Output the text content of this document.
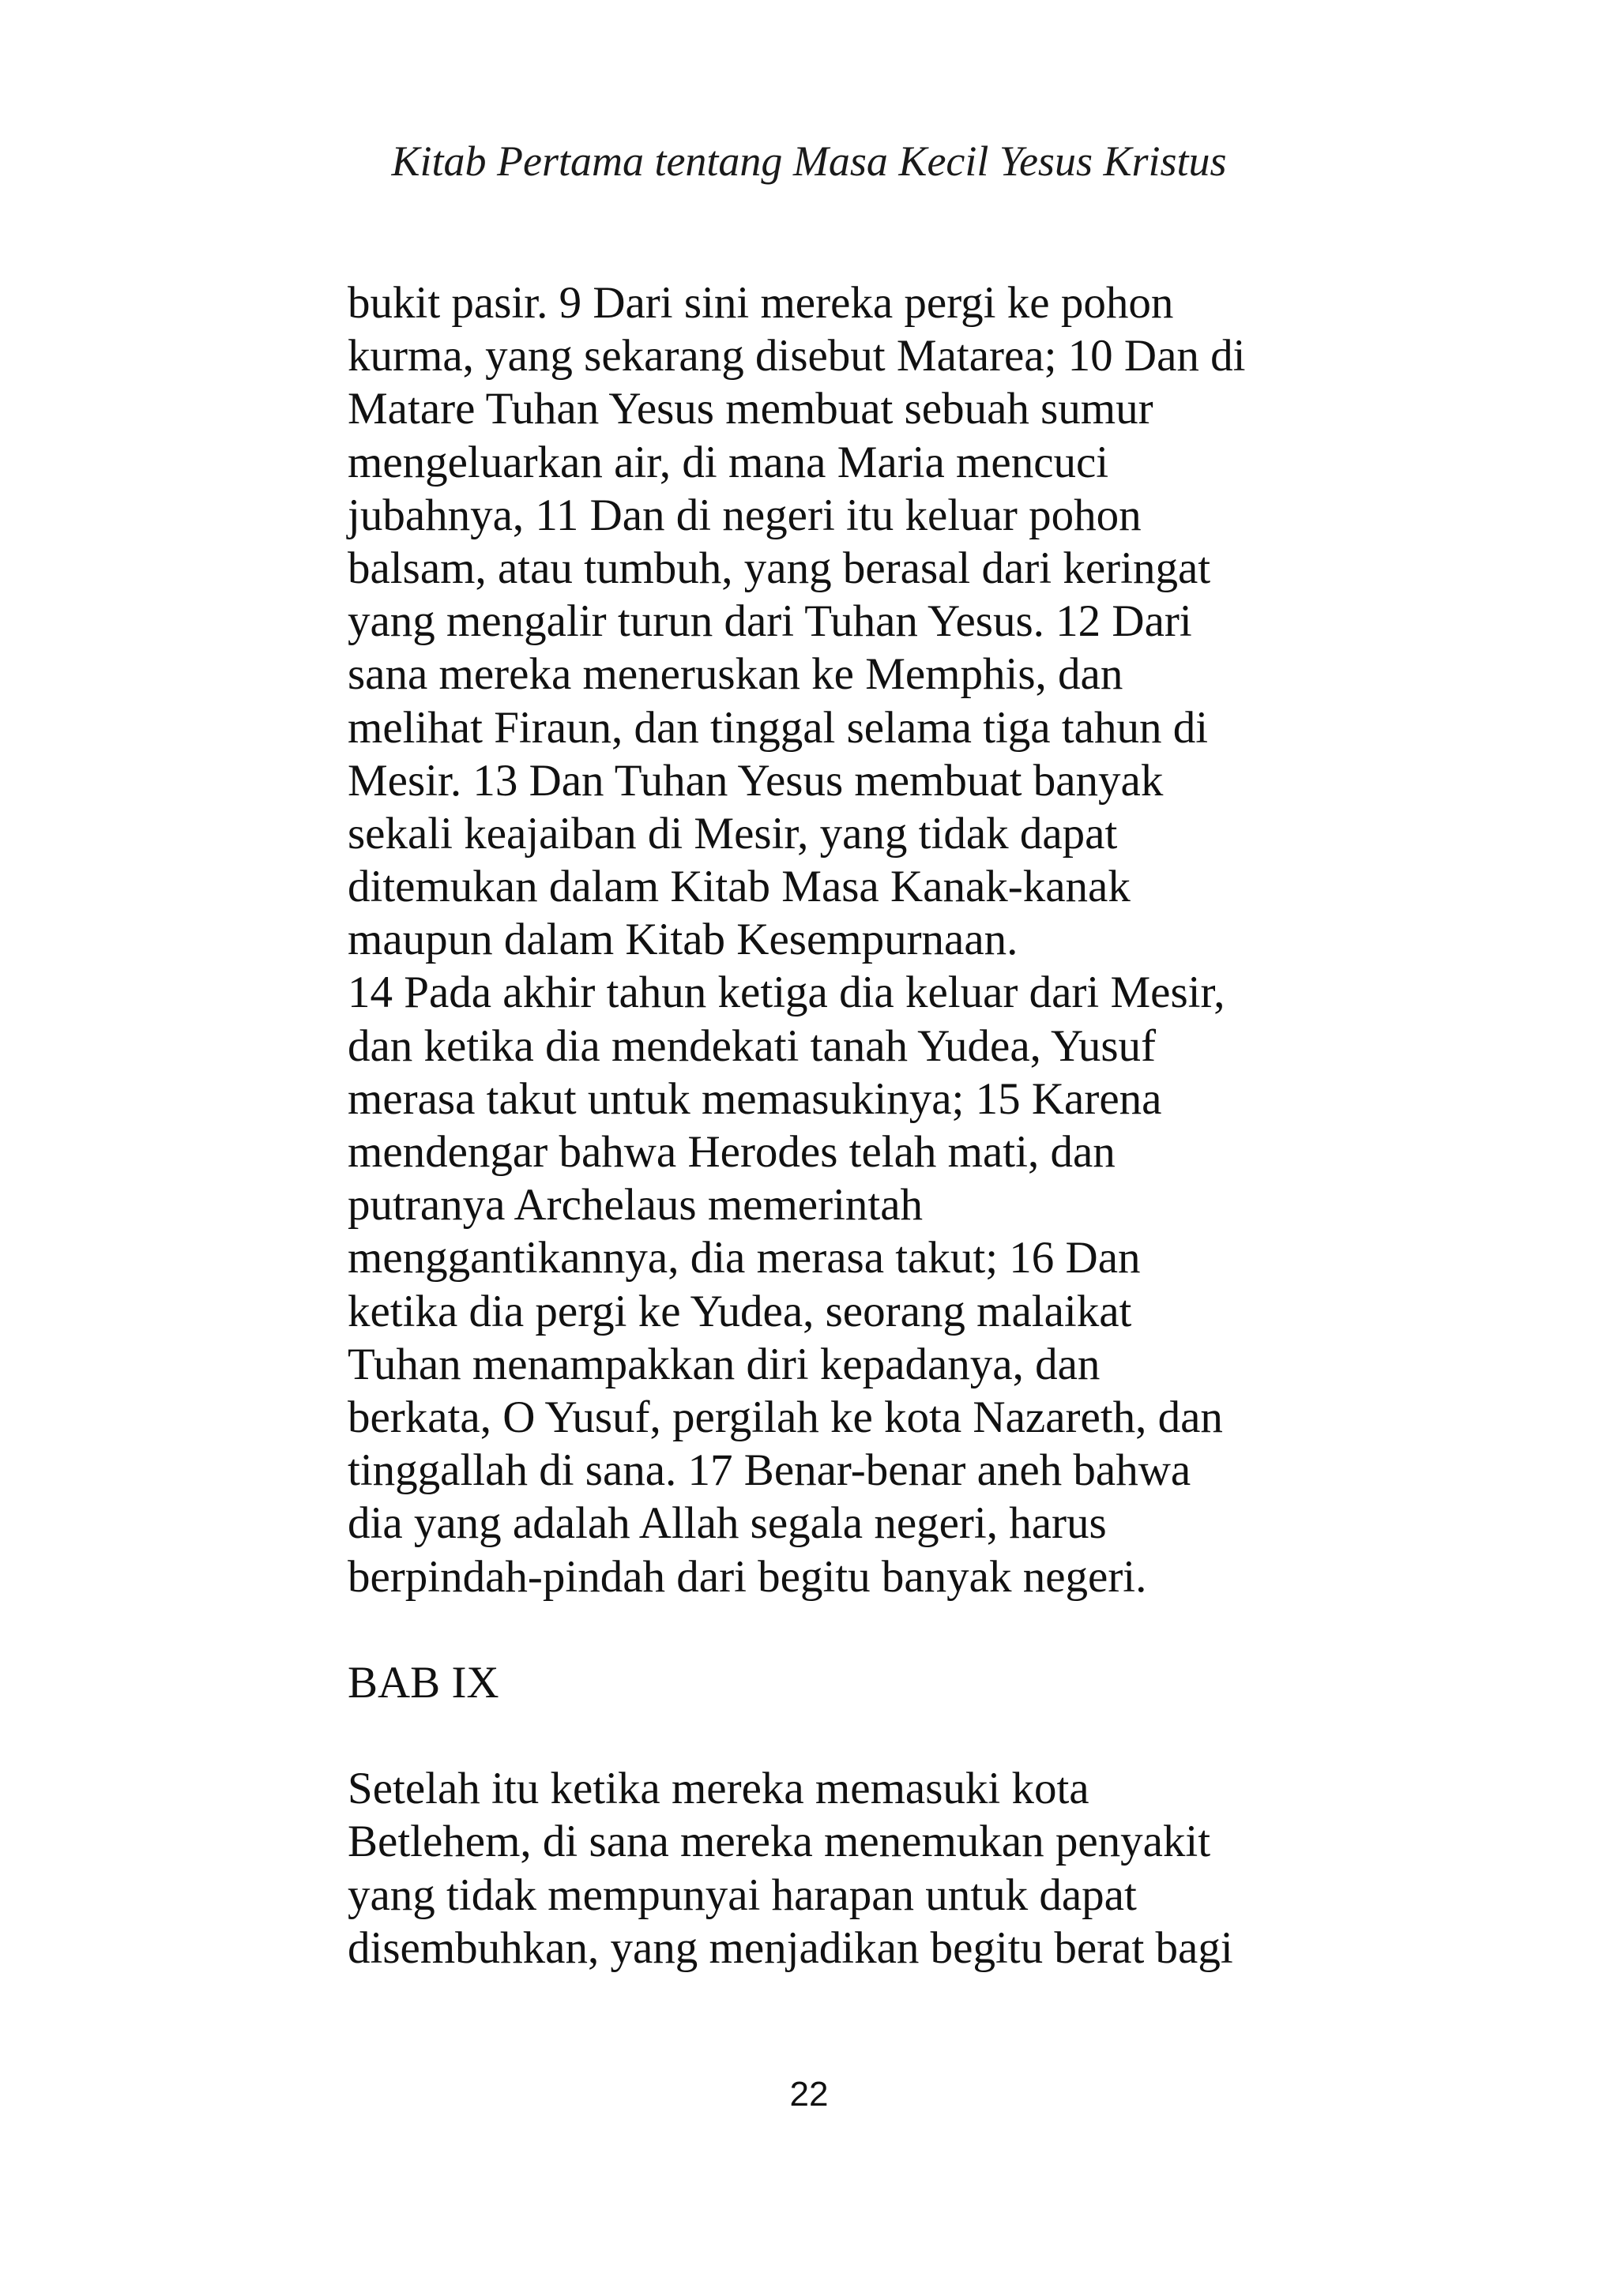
Kitab Pertama tentang Masa Kecil Yesus Kristus
bukit pasir. 9 Dari sini mereka pergi ke pohon
kurma, yang sekarang disebut Matarea; 10 Dan di
Matare Tuhan Yesus membuat sebuah sumur
mengeluarkan air, di mana Maria mencuci
jubahnya, 11 Dan di negeri itu keluar pohon
balsam, atau tumbuh, yang berasal dari keringat
yang mengalir turun dari Tuhan Yesus. 12 Dari
sana mereka meneruskan ke Memphis, dan
melihat Firaun, dan tinggal selama tiga tahun di
Mesir. 13 Dan Tuhan Yesus membuat banyak
sekali keajaiban di Mesir, yang tidak dapat
ditemukan dalam Kitab Masa Kanak-kanak
maupun dalam Kitab Kesempurnaan.
14 Pada akhir tahun ketiga dia keluar dari Mesir,
dan ketika dia mendekati tanah Yudea, Yusuf
merasa takut untuk memasukinya; 15 Karena
mendengar bahwa Herodes telah mati, dan
putranya Archelaus memerintah
menggantikannya, dia merasa takut; 16 Dan
ketika dia pergi ke Yudea, seorang malaikat
Tuhan menampakkan diri kepadanya, dan
berkata, O Yusuf, pergilah ke kota Nazareth, dan
tinggallah di sana. 17 Benar-benar aneh bahwa
dia yang adalah Allah segala negeri, harus
berpindah-pindah dari begitu banyak negeri.
BAB IX
Setelah itu ketika mereka memasuki kota
Betlehem, di sana mereka menemukan penyakit
yang tidak mempunyai harapan untuk dapat
disembuhkan, yang menjadikan begitu berat bagi
22
